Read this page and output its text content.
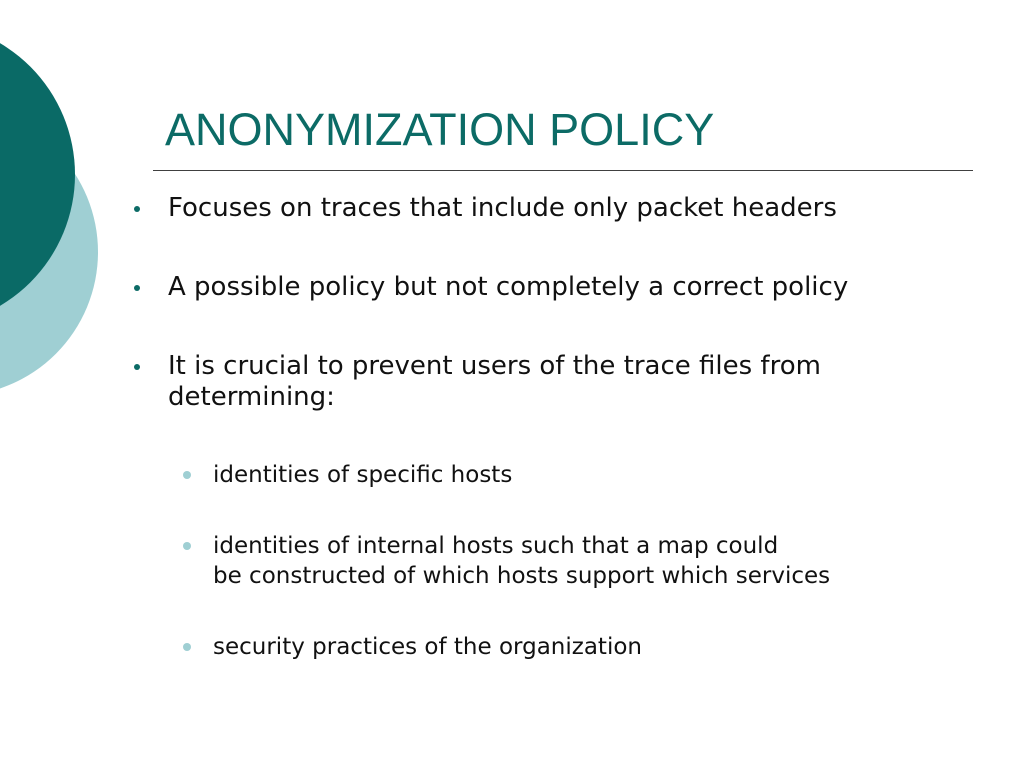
ANONYMIZATION POLICY
Focuses on traces that include only packet headers
A possible policy but not completely a correct policy
It is crucial to prevent users of the trace files from
determining:
identities of specific hosts
identities of internal hosts such that a map could
be constructed of which hosts support which services
security practices of the organization
